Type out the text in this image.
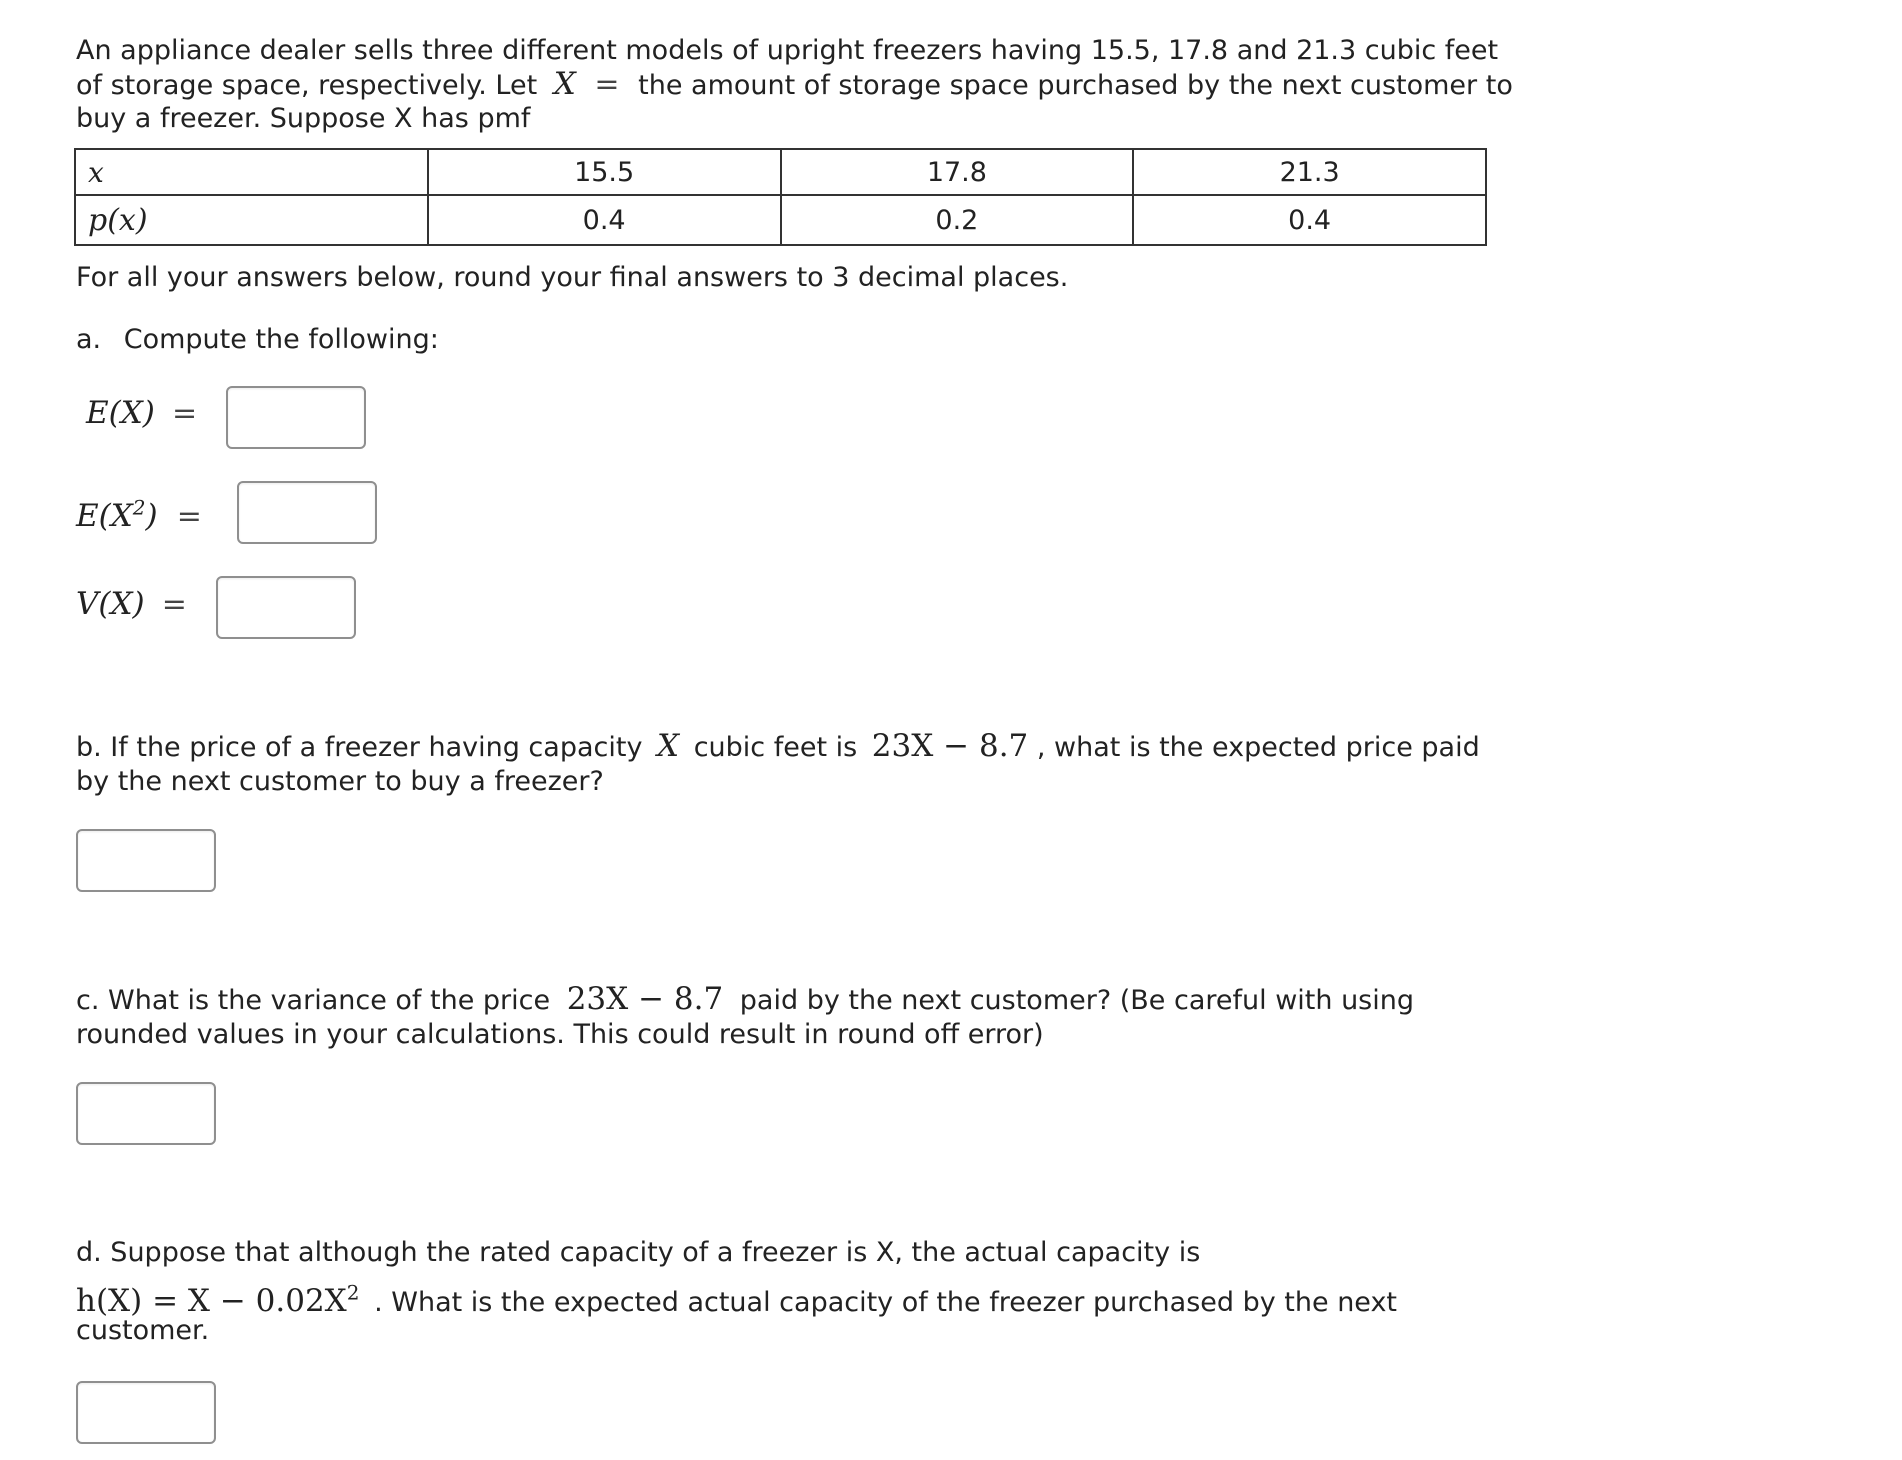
An appliance dealer sells three different models of upright freezers having 15.5, 17.8 and 21.3 cubic feet
of storage space, respectively. Let X = the amount of storage space purchased by the next customer to
buy a freezer. Suppose X has pmf
x	15.5	17.8	21.3
p(x)	0.4	0.2	0.4
For all your answers below, round your final answers to 3 decimal places.
a. Compute the following:
E(X) =
$E(X^2)$ =
V(X) =
b. If the price of a freezer having capacity X cubic feet is 23X − 8.7 , what is the expected price paid
by the next customer to buy a freezer?
c. What is the variance of the price 23X − 8.7 paid by the next customer? (Be careful with using
rounded values in your calculations. This could result in round off error)
d. Suppose that although the rated capacity of a freezer is X, the actual capacity is
$h(X) = X - 0.02X^2$ . What is the expected actual capacity of the freezer purchased by the next
customer.
